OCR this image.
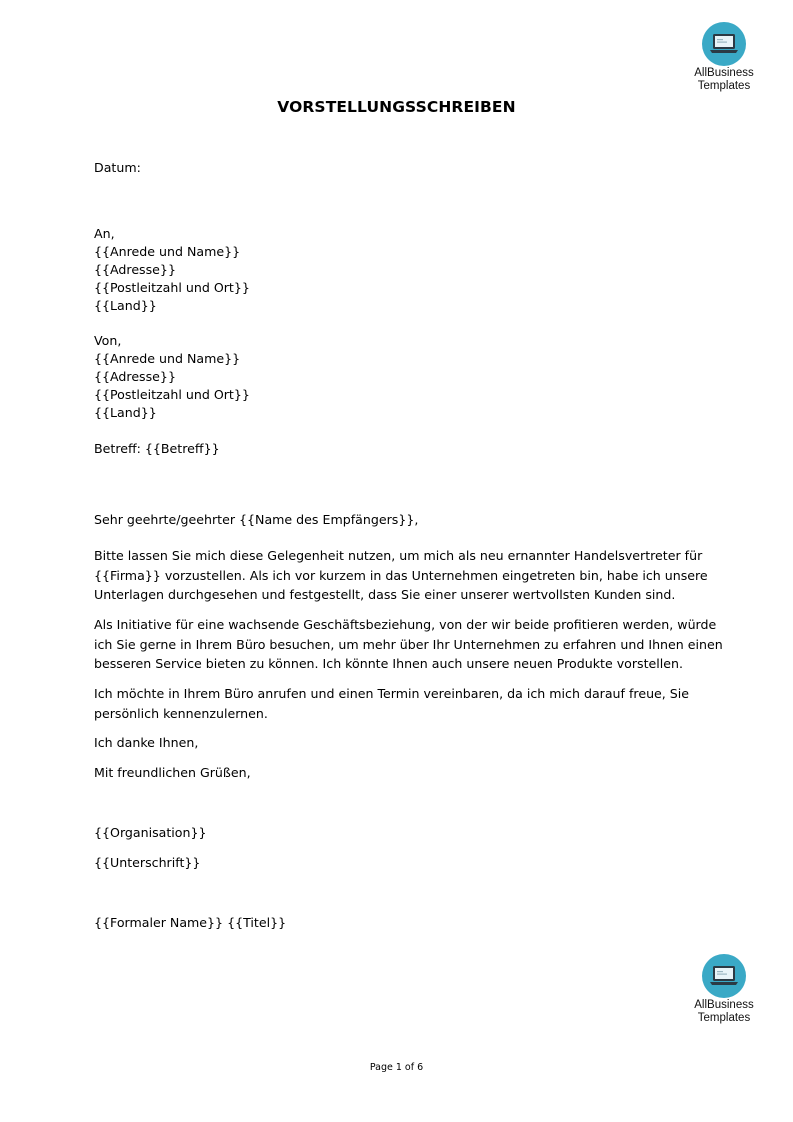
AllBusiness
Templates
VORSTELLUNGSSCHREIBEN
Datum:
An,
{{Anrede und Name}}
{{Adresse}}
{{Postleitzahl und Ort}}
{{Land}}
Von,
{{Anrede und Name}}
{{Adresse}}
{{Postleitzahl und Ort}}
{{Land}}
Betreff: {{Betreff}}
Sehr geehrte/geehrter {{Name des Empfängers}},
Bitte lassen Sie mich diese Gelegenheit nutzen, um mich als neu ernannter Handelsvertreter für
{{Firma}} vorzustellen. Als ich vor kurzem in das Unternehmen eingetreten bin, habe ich unsere
Unterlagen durchgesehen und festgestellt, dass Sie einer unserer wertvollsten Kunden sind.
Als Initiative für eine wachsende Geschäftsbeziehung, von der wir beide profitieren werden, würde
ich Sie gerne in Ihrem Büro besuchen, um mehr über Ihr Unternehmen zu erfahren und Ihnen einen
besseren Service bieten zu können. Ich könnte Ihnen auch unsere neuen Produkte vorstellen.
Ich möchte in Ihrem Büro anrufen und einen Termin vereinbaren, da ich mich darauf freue, Sie
persönlich kennenzulernen.
Ich danke Ihnen,
Mit freundlichen Grüßen,
{{Organisation}}
{{Unterschrift}}
{{Formaler Name}} {{Titel}}
AllBusiness
Templates
Page 1 of 6
